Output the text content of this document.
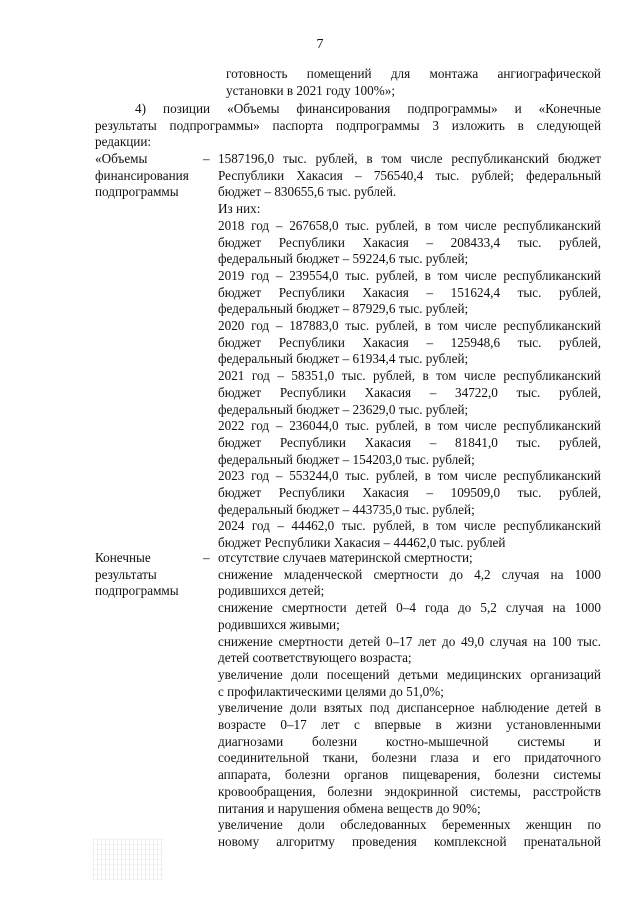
7
готовность помещений для монтажа ангиографической
установки в 2021 году 100%»;
4) позиции «Объемы финансирования подпрограммы» и «Конечные
результаты подпрограммы» паспорта подпрограммы 3 изложить в следующей
редакции:
«Объемы
финансирования
подпрограммы
– 1587196,0 тыс. рублей, в том числе республиканский бюджет
Республики Хакасия – 756540,4 тыс. рублей; федеральный
бюджет – 830655,6 тыс. рублей.
Из них:
2018 год – 267658,0 тыс. рублей, в том числе республиканский
бюджет Республики Хакасия – 208433,4 тыс. рублей,
федеральный бюджет – 59224,6 тыс. рублей;
2019 год – 239554,0 тыс. рублей, в том числе республиканский
бюджет Республики Хакасия – 151624,4 тыс. рублей,
федеральный бюджет – 87929,6 тыс. рублей;
2020 год – 187883,0 тыс. рублей, в том числе республиканский
бюджет Республики Хакасия – 125948,6 тыс. рублей,
федеральный бюджет – 61934,4 тыс. рублей;
2021 год – 58351,0 тыс. рублей, в том числе республиканский
бюджет Республики Хакасия – 34722,0 тыс. рублей,
федеральный бюджет – 23629,0 тыс. рублей;
2022 год – 236044,0 тыс. рублей, в том числе республиканский
бюджет Республики Хакасия – 81841,0 тыс. рублей,
федеральный бюджет – 154203,0 тыс. рублей;
2023 год – 553244,0 тыс. рублей, в том числе республиканский
бюджет Республики Хакасия – 109509,0 тыс. рублей,
федеральный бюджет – 443735,0 тыс. рублей;
2024 год – 44462,0 тыс. рублей, в том числе республиканский
бюджет Республики Хакасия – 44462,0 тыс. рублей
Конечные
результаты
подпрограммы
– отсутствие случаев материнской смертности;
снижение младенческой смертности до 4,2 случая на 1000
родившихся детей;
снижение смертности детей 0–4 года до 5,2 случая на 1000
родившихся живыми;
снижение смертности детей 0–17 лет до 49,0 случая на 100 тыс.
детей соответствующего возраста;
увеличение доли посещений детьми медицинских организаций
с профилактическими целями до 51,0%;
увеличение доли взятых под диспансерное наблюдение детей в
возрасте 0–17 лет с впервые в жизни установленными
диагнозами болезни костно-мышечной системы и
соединительной ткани, болезни глаза и его придаточного
аппарата, болезни органов пищеварения, болезни системы
кровообращения, болезни эндокринной системы, расстройств
питания и нарушения обмена веществ до 90%;
увеличение доли обследованных беременных женщин по
новому алгоритму проведения комплексной пренатальной
